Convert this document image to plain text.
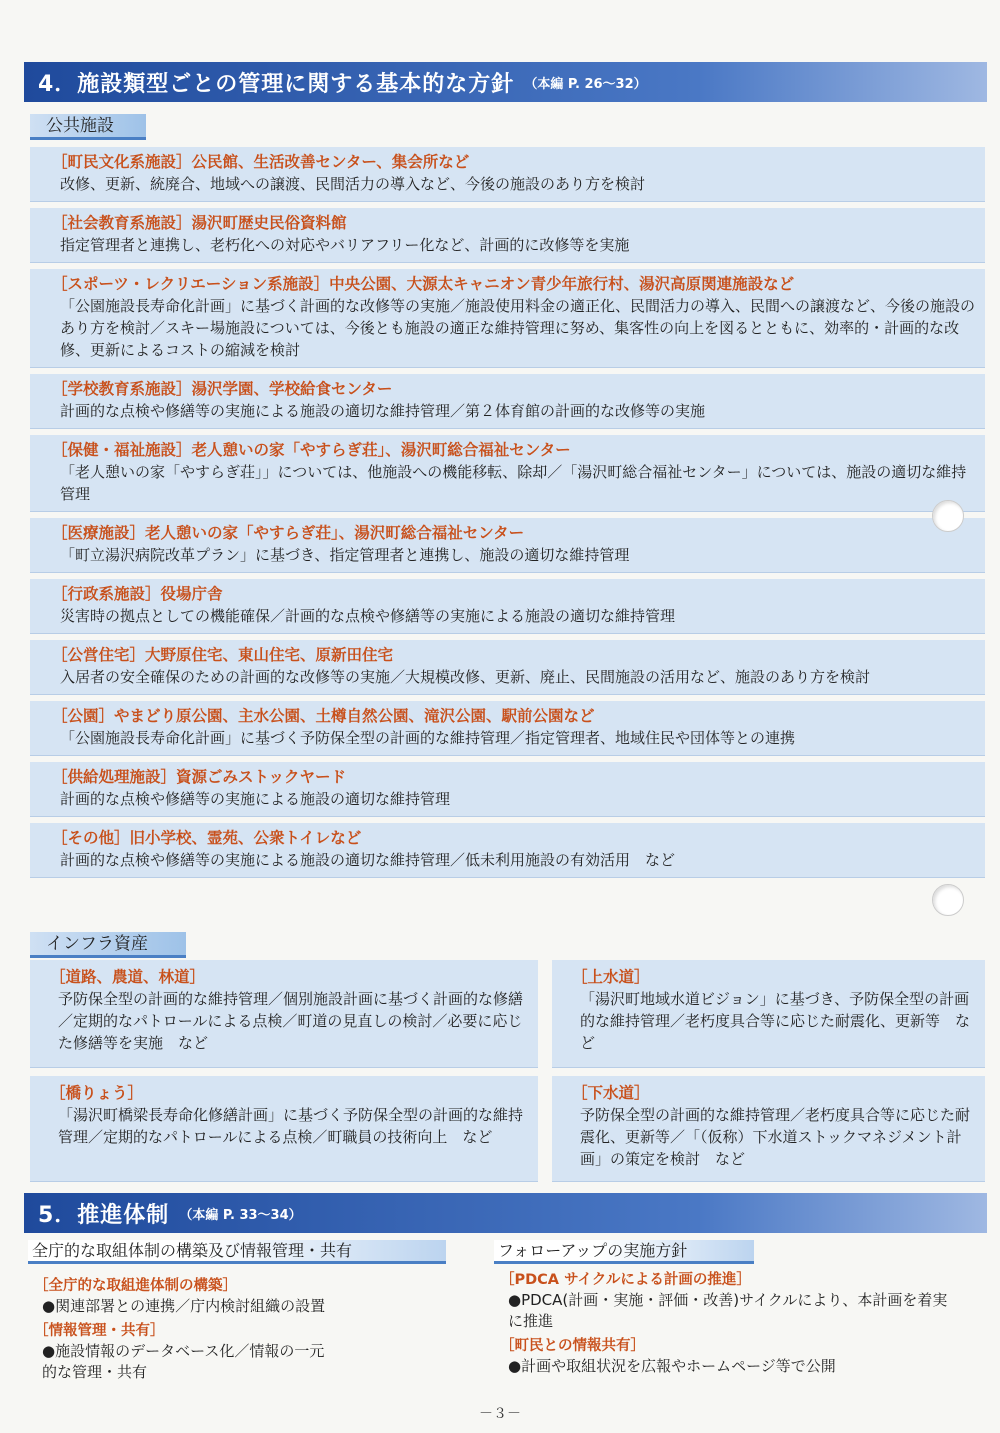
4．施設類型ごとの管理に関する基本的な方針 （本編 P. 26～32）
公共施設
［町民文化系施設］公民館、生活改善センター、集会所など
改修、更新、統廃合、地域への譲渡、民間活力の導入など、今後の施設のあり方を検討
［社会教育系施設］湯沢町歴史民俗資料館
指定管理者と連携し、老朽化への対応やバリアフリー化など、計画的に改修等を実施
［スポーツ・レクリエーション系施設］中央公園、大源太キャニオン青少年旅行村、湯沢高原関連施設など
「公園施設長寿命化計画」に基づく計画的な改修等の実施／施設使用料金の適正化、民間活力の導入、民間への譲渡など、今後の施設のあり方を検討／スキー場施設については、今後とも施設の適正な維持管理に努め、集客性の向上を図るとともに、効率的・計画的な改修、更新によるコストの縮減を検討
［学校教育系施設］湯沢学園、学校給食センター
計画的な点検や修繕等の実施による施設の適切な維持管理／第２体育館の計画的な改修等の実施
［保健・福祉施設］老人憩いの家「やすらぎ荘」、湯沢町総合福祉センター
「老人憩いの家「やすらぎ荘」」については、他施設への機能移転、除却／「湯沢町総合福祉センター」については、施設の適切な維持管理
［医療施設］老人憩いの家「やすらぎ荘」、湯沢町総合福祉センター
「町立湯沢病院改革プラン」に基づき、指定管理者と連携し、施設の適切な維持管理
［行政系施設］役場庁舎
災害時の拠点としての機能確保／計画的な点検や修繕等の実施による施設の適切な維持管理
［公営住宅］大野原住宅、東山住宅、原新田住宅
入居者の安全確保のための計画的な改修等の実施／大規模改修、更新、廃止、民間施設の活用など、施設のあり方を検討
［公園］やまどり原公園、主水公園、土樽自然公園、滝沢公園、駅前公園など
「公園施設長寿命化計画」に基づく予防保全型の計画的な維持管理／指定管理者、地域住民や団体等との連携
［供給処理施設］資源ごみストックヤード
計画的な点検や修繕等の実施による施設の適切な維持管理
［その他］旧小学校、霊苑、公衆トイレなど
計画的な点検や修繕等の実施による施設の適切な維持管理／低未利用施設の有効活用　など
インフラ資産
［道路、農道、林道］
予防保全型の計画的な維持管理／個別施設計画に基づく計画的な修繕／定期的なパトロールによる点検／町道の見直しの検討／必要に応じた修繕等を実施　など
［上水道］
「湯沢町地域水道ビジョン」に基づき、予防保全型の計画的な維持管理／老朽度具合等に応じた耐震化、更新等　など
［橋りょう］
「湯沢町橋梁長寿命化修繕計画」に基づく予防保全型の計画的な維持管理／定期的なパトロールによる点検／町職員の技術向上　など
［下水道］
予防保全型の計画的な維持管理／老朽度具合等に応じた耐震化、更新等／「（仮称）下水道ストックマネジメント計画」の策定を検討　など
5．推進体制 （本編 P. 33～34）
全庁的な取組体制の構築及び情報管理・共有	フォローアップの実施方針
［全庁的な取組進体制の構築］
●関連部署との連携／庁内検討組織の設置
［情報管理・共有］
●施設情報のデータベース化／情報の一元的な管理・共有
［PDCA サイクルによる計画の推進］
●PDCA(計画・実施・評価・改善)サイクルにより、本計画を着実に推進
［町民との情報共有］
●計画や取組状況を広報やホームページ等で公開
－３－
